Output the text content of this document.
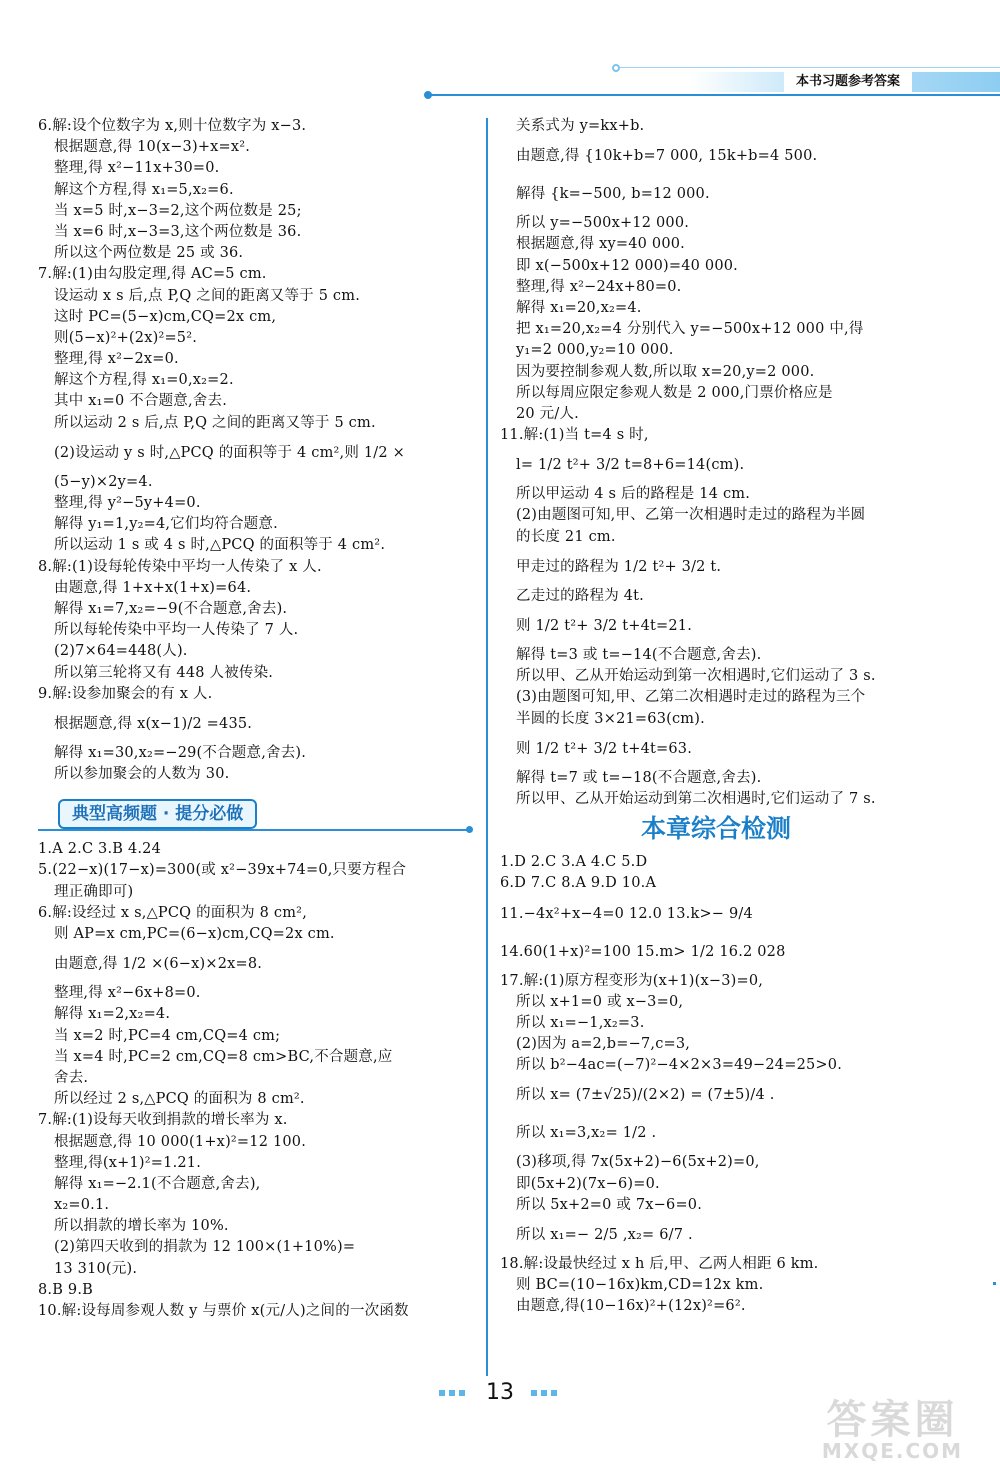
本书习题参考答案
6.解:设个位数字为 x,则十位数字为 x−3.
根据题意,得 10(x−3)+x=x².
整理,得 x²−11x+30=0.
解这个方程,得 x₁=5,x₂=6.
当 x=5 时,x−3=2,这个两位数是 25;
当 x=6 时,x−3=3,这个两位数是 36.
所以这个两位数是 25 或 36.
7.解:(1)由勾股定理,得 AC=5 cm.
设运动 x s 后,点 P,Q 之间的距离又等于 5 cm.
这时 PC=(5−x)cm,CQ=2x cm,
则(5−x)²+(2x)²=5².
整理,得 x²−2x=0.
解这个方程,得 x₁=0,x₂=2.
其中 x₁=0 不合题意,舍去.
所以运动 2 s 后,点 P,Q 之间的距离又等于 5 cm.
(2)设运动 y s 时,△PCQ 的面积等于 4 cm²,则 1/2 ×
(5−y)×2y=4.
整理,得 y²−5y+4=0.
解得 y₁=1,y₂=4,它们均符合题意.
所以运动 1 s 或 4 s 时,△PCQ 的面积等于 4 cm².
8.解:(1)设每轮传染中平均一人传染了 x 人.
由题意,得 1+x+x(1+x)=64.
解得 x₁=7,x₂=−9(不合题意,舍去).
所以每轮传染中平均一人传染了 7 人.
(2)7×64=448(人).
所以第三轮将又有 448 人被传染.
9.解:设参加聚会的有 x 人.
根据题意,得 x(x−1)/2 =435.
解得 x₁=30,x₂=−29(不合题意,舍去).
所以参加聚会的人数为 30.
典型高频题 · 提分必做
1.A 2.C 3.B 4.24
5.(22−x)(17−x)=300(或 x²−39x+74=0,只要方程合
理正确即可)
6.解:设经过 x s,△PCQ 的面积为 8 cm²,
则 AP=x cm,PC=(6−x)cm,CQ=2x cm.
由题意,得 1/2 ×(6−x)×2x=8.
整理,得 x²−6x+8=0.
解得 x₁=2,x₂=4.
当 x=2 时,PC=4 cm,CQ=4 cm;
当 x=4 时,PC=2 cm,CQ=8 cm>BC,不合题意,应
舍去.
所以经过 2 s,△PCQ 的面积为 8 cm².
7.解:(1)设每天收到捐款的增长率为 x.
根据题意,得 10 000(1+x)²=12 100.
整理,得(x+1)²=1.21.
解得 x₁=−2.1(不合题意,舍去),
x₂=0.1.
所以捐款的增长率为 10%.
(2)第四天收到的捐款为 12 100×(1+10%)=
13 310(元).
8.B 9.B
10.解:设每周参观人数 y 与票价 x(元/人)之间的一次函数
关系式为 y=kx+b.
由题意,得 {10k+b=7 000, 15k+b=4 500.
解得 {k=−500, b=12 000.
所以 y=−500x+12 000.
根据题意,得 xy=40 000.
即 x(−500x+12 000)=40 000.
整理,得 x²−24x+80=0.
解得 x₁=20,x₂=4.
把 x₁=20,x₂=4 分别代入 y=−500x+12 000 中,得
y₁=2 000,y₂=10 000.
因为要控制参观人数,所以取 x=20,y=2 000.
所以每周应限定参观人数是 2 000,门票价格应是
20 元/人.
11.解:(1)当 t=4 s 时,
l= 1/2 t²+ 3/2 t=8+6=14(cm).
所以甲运动 4 s 后的路程是 14 cm.
(2)由题图可知,甲、乙第一次相遇时走过的路程为半圆
的长度 21 cm.
甲走过的路程为 1/2 t²+ 3/2 t.
乙走过的路程为 4t.
则 1/2 t²+ 3/2 t+4t=21.
解得 t=3 或 t=−14(不合题意,舍去).
所以甲、乙从开始运动到第一次相遇时,它们运动了 3 s.
(3)由题图可知,甲、乙第二次相遇时走过的路程为三个
半圆的长度 3×21=63(cm).
则 1/2 t²+ 3/2 t+4t=63.
解得 t=7 或 t=−18(不合题意,舍去).
所以甲、乙从开始运动到第二次相遇时,它们运动了 7 s.
本章综合检测
1.D 2.C 3.A 4.C 5.D
6.D 7.C 8.A 9.D 10.A
11.−4x²+x−4=0 12.0 13.k>− 9/4
14.60(1+x)²=100 15.m> 1/2 16.2 028
17.解:(1)原方程变形为(x+1)(x−3)=0,
所以 x+1=0 或 x−3=0,
所以 x₁=−1,x₂=3.
(2)因为 a=2,b=−7,c=3,
所以 b²−4ac=(−7)²−4×2×3=49−24=25>0.
所以 x= (7±√25)/(2×2) = (7±5)/4 .
所以 x₁=3,x₂= 1/2 .
(3)移项,得 7x(5x+2)−6(5x+2)=0,
即(5x+2)(7x−6)=0.
所以 5x+2=0 或 7x−6=0.
所以 x₁=− 2/5 ,x₂= 6/7 .
18.解:设最快经过 x h 后,甲、乙两人相距 6 km.
则 BC=(10−16x)km,CD=12x km.
由题意,得(10−16x)²+(12x)²=6².
13
答案圈
MXQE.COM
